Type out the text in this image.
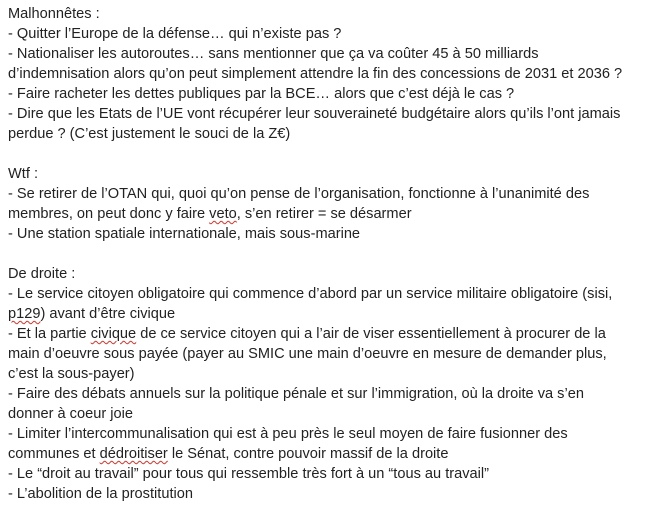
Malhonnêtes :
- Quitter l’Europe de la défense… qui n’existe pas ?
- Nationaliser les autoroutes… sans mentionner que ça va coûter 45 à 50 milliards
d’indemnisation alors qu’on peut simplement attendre la fin des concessions de 2031 et 2036 ?
- Faire racheter les dettes publiques par la BCE… alors que c’est déjà le cas ?
- Dire que les Etats de l’UE vont récupérer leur souveraineté budgétaire alors qu’ils l’ont jamais
perdue ? (C’est justement le souci de la Z€)
Wtf :
- Se retirer de l’OTAN qui, quoi qu’on pense de l’organisation, fonctionne à l’unanimité des
membres, on peut donc y faire veto, s’en retirer = se désarmer
- Une station spatiale internationale, mais sous-marine
De droite :
- Le service citoyen obligatoire qui commence d’abord par un service militaire obligatoire (sisi,
p129) avant d’être civique
- Et la partie civique de ce service citoyen qui a l’air de viser essentiellement à procurer de la
main d’oeuvre sous payée (payer au SMIC une main d’oeuvre en mesure de demander plus,
c’est la sous-payer)
- Faire des débats annuels sur la politique pénale et sur l’immigration, où la droite va s’en
donner à coeur joie
- Limiter l’intercommunalisation qui est à peu près le seul moyen de faire fusionner des
communes et dédroitiser le Sénat, contre pouvoir massif de la droite
- Le “droit au travail” pour tous qui ressemble très fort à un “tous au travail”
- L’abolition de la prostitution
